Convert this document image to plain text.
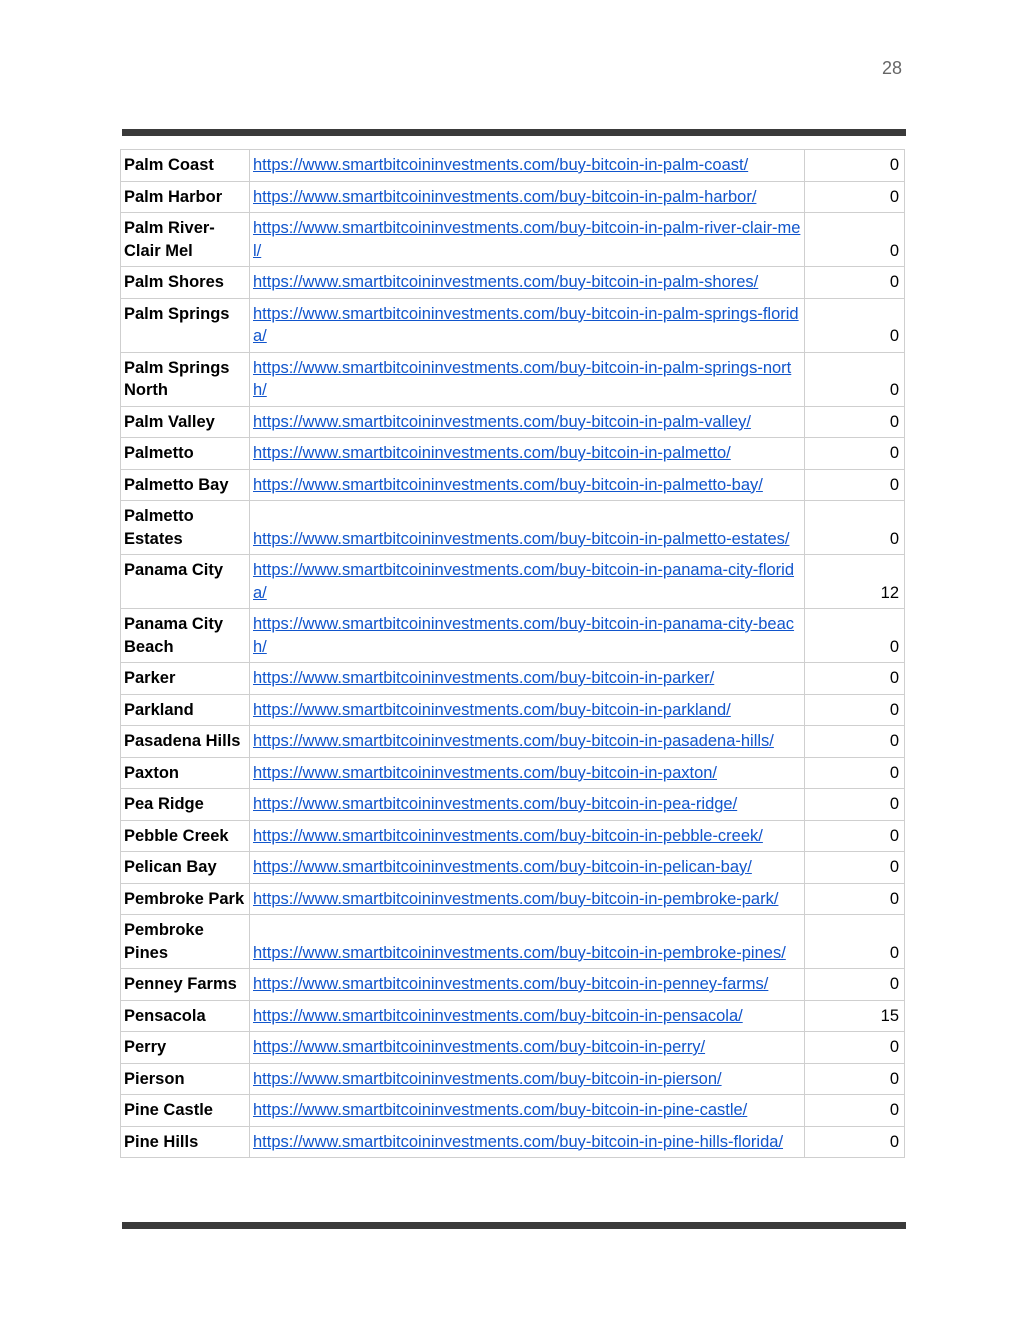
28
Palm Coast	https://www.smartbitcoininvestments.com/buy-bitcoin-in-palm-coast/	0
Palm Harbor	https://www.smartbitcoininvestments.com/buy-bitcoin-in-palm-harbor/	0
Palm River-Clair Mel	https://www.smartbitcoininvestments.com/buy-bitcoin-in-palm-river-clair-mel/	0
Palm Shores	https://www.smartbitcoininvestments.com/buy-bitcoin-in-palm-shores/	0
Palm Springs	https://www.smartbitcoininvestments.com/buy-bitcoin-in-palm-springs-florida/	0
Palm Springs North	https://www.smartbitcoininvestments.com/buy-bitcoin-in-palm-springs-north/	0
Palm Valley	https://www.smartbitcoininvestments.com/buy-bitcoin-in-palm-valley/	0
Palmetto	https://www.smartbitcoininvestments.com/buy-bitcoin-in-palmetto/	0
Palmetto Bay	https://www.smartbitcoininvestments.com/buy-bitcoin-in-palmetto-bay/	0
Palmetto Estates	https://www.smartbitcoininvestments.com/buy-bitcoin-in-palmetto-estates/	0
Panama City	https://www.smartbitcoininvestments.com/buy-bitcoin-in-panama-city-florida/	12
Panama City Beach	https://www.smartbitcoininvestments.com/buy-bitcoin-in-panama-city-beach/	0
Parker	https://www.smartbitcoininvestments.com/buy-bitcoin-in-parker/	0
Parkland	https://www.smartbitcoininvestments.com/buy-bitcoin-in-parkland/	0
Pasadena Hills	https://www.smartbitcoininvestments.com/buy-bitcoin-in-pasadena-hills/	0
Paxton	https://www.smartbitcoininvestments.com/buy-bitcoin-in-paxton/	0
Pea Ridge	https://www.smartbitcoininvestments.com/buy-bitcoin-in-pea-ridge/	0
Pebble Creek	https://www.smartbitcoininvestments.com/buy-bitcoin-in-pebble-creek/	0
Pelican Bay	https://www.smartbitcoininvestments.com/buy-bitcoin-in-pelican-bay/	0
Pembroke Park	https://www.smartbitcoininvestments.com/buy-bitcoin-in-pembroke-park/	0
Pembroke Pines	https://www.smartbitcoininvestments.com/buy-bitcoin-in-pembroke-pines/	0
Penney Farms	https://www.smartbitcoininvestments.com/buy-bitcoin-in-penney-farms/	0
Pensacola	https://www.smartbitcoininvestments.com/buy-bitcoin-in-pensacola/	15
Perry	https://www.smartbitcoininvestments.com/buy-bitcoin-in-perry/	0
Pierson	https://www.smartbitcoininvestments.com/buy-bitcoin-in-pierson/	0
Pine Castle	https://www.smartbitcoininvestments.com/buy-bitcoin-in-pine-castle/	0
Pine Hills	https://www.smartbitcoininvestments.com/buy-bitcoin-in-pine-hills-florida/	0
